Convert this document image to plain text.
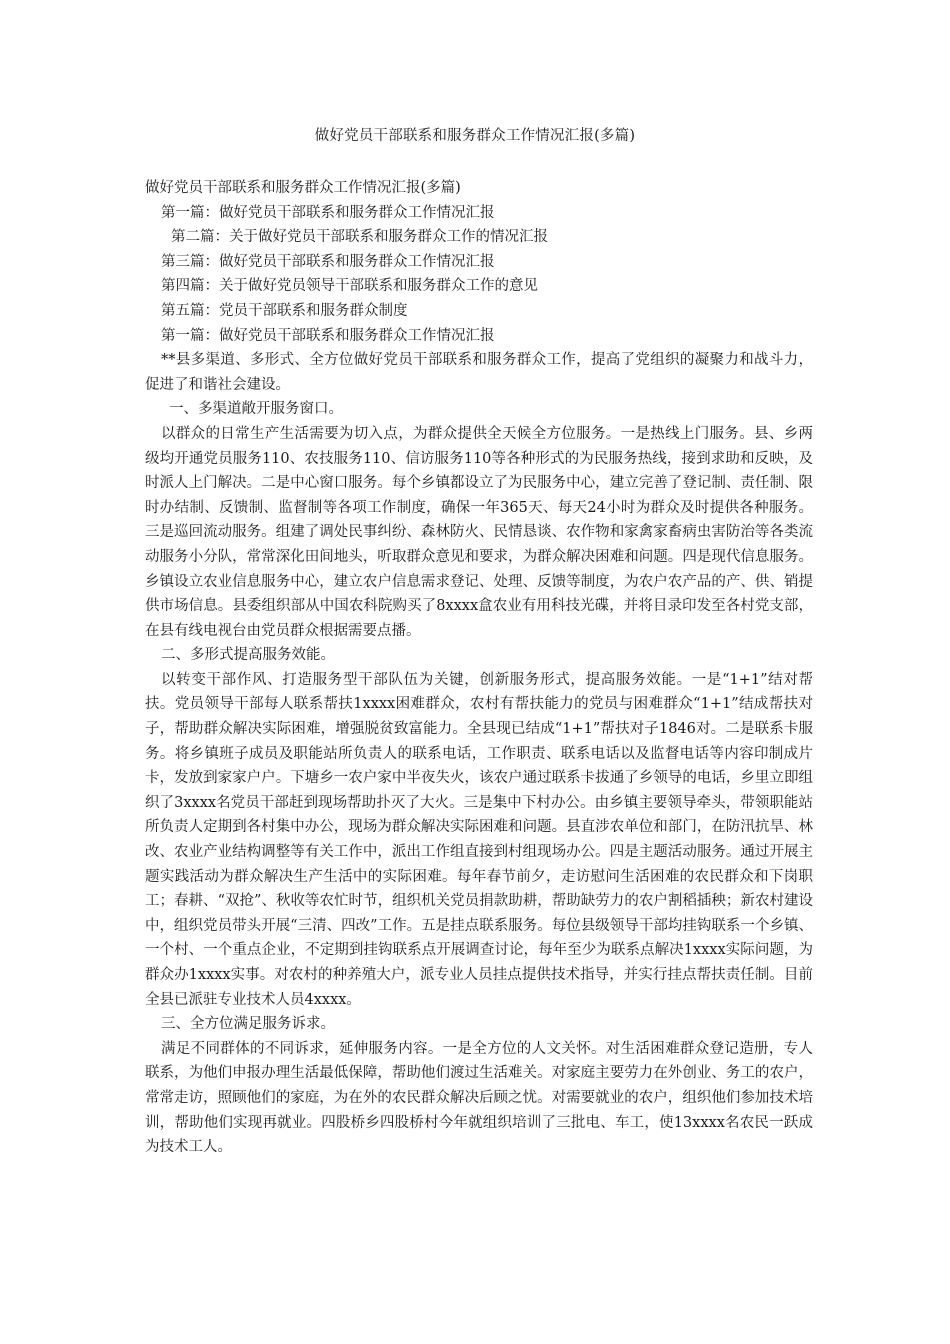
做好党员干部联系和服务群众工作情况汇报(多篇)

做好党员干部联系和服务群众工作情况汇报(多篇)

第一篇：做好党员干部联系和服务群众工作情况汇报

第二篇：关于做好党员干部联系和服务群众工作的情况汇报

第三篇：做好党员干部联系和服务群众工作情况汇报

第四篇：关于做好党员领导干部联系和服务群众工作的意见

第五篇：党员干部联系和服务群众制度

第一篇：做好党员干部联系和服务群众工作情况汇报

**县多渠道、多形式、全方位做好党员干部联系和服务群众工作，提高了党组织的凝聚力和战斗力，促进了和谐社会建设。

一、多渠道敞开服务窗口。

以群众的日常生产生活需要为切入点，为群众提供全天候全方位服务。一是热线上门服务。县、乡两级均开通党员服务110、农技服务110、信访服务110等各种形式的为民服务热线，接到求助和反映，及时派人上门解决。二是中心窗口服务。每个乡镇都设立了为民服务中心，建立完善了登记制、责任制、限时办结制、反馈制、监督制等各项工作制度，确保一年365天、每天24小时为群众及时提供各种服务。三是巡回流动服务。组建了调处民事纠纷、森林防火、民情恳谈、农作物和家禽家畜病虫害防治等各类流动服务小分队，常常深化田间地头，听取群众意见和要求，为群众解决困难和问题。四是现代信息服务。乡镇设立农业信息服务中心，建立农户信息需求登记、处理、反馈等制度，为农户农产品的产、供、销提供市场信息。县委组织部从中国农科院购买了8xxxx盒农业有用科技光碟，并将目录印发至各村党支部，在县有线电视台由党员群众根据需要点播。

二、多形式提高服务效能。

以转变干部作风、打造服务型干部队伍为关键，创新服务形式，提高服务效能。一是“1+1”结对帮扶。党员领导干部每人联系帮扶1xxxx困难群众，农村有帮扶能力的党员与困难群众“1+1”结成帮扶对子，帮助群众解决实际困难，增强脱贫致富能力。全县现已结成“1+1”帮扶对子1846对。二是联系卡服务。将乡镇班子成员及职能站所负责人的联系电话，工作职责、联系电话以及监督电话等内容印制成片卡，发放到家家户户。下塘乡一农户家中半夜失火，该农户通过联系卡拔通了乡领导的电话，乡里立即组织了3xxxx名党员干部赶到现场帮助扑灭了大火。三是集中下村办公。由乡镇主要领导牵头，带领职能站所负责人定期到各村集中办公，现场为群众解决实际困难和问题。县直涉农单位和部门，在防汛抗旱、林改、农业产业结构调整等有关工作中，派出工作组直接到村组现场办公。四是主题活动服务。通过开展主题实践活动为群众解决生产生活中的实际困难。每年春节前夕，走访慰问生活困难的农民群众和下岗职工；春耕、“双抢”、秋收等农忙时节，组织机关党员捐款助耕，帮助缺劳力的农户割稻插秧；新农村建设中，组织党员带头开展“三清、四改”工作。五是挂点联系服务。每位县级领导干部均挂钩联系一个乡镇、一个村、一个重点企业，不定期到挂钩联系点开展调查讨论，每年至少为联系点解决1xxxx实际问题，为群众办1xxxx实事。对农村的种养殖大户，派专业人员挂点提供技术指导，并实行挂点帮扶责任制。目前全县已派驻专业技术人员4xxxx。

三、全方位满足服务诉求。

满足不同群体的不同诉求，延伸服务内容。一是全方位的人文关怀。对生活困难群众登记造册，专人联系，为他们申报办理生活最低保障，帮助他们渡过生活难关。对家庭主要劳力在外创业、务工的农户，常常走访，照顾他们的家庭，为在外的农民群众解决后顾之忧。对需要就业的农户，组织他们参加技术培训，帮助他们实现再就业。四股桥乡四股桥村今年就组织培训了三批电、车工，使13xxxx名农民一跃成为技术工人。
